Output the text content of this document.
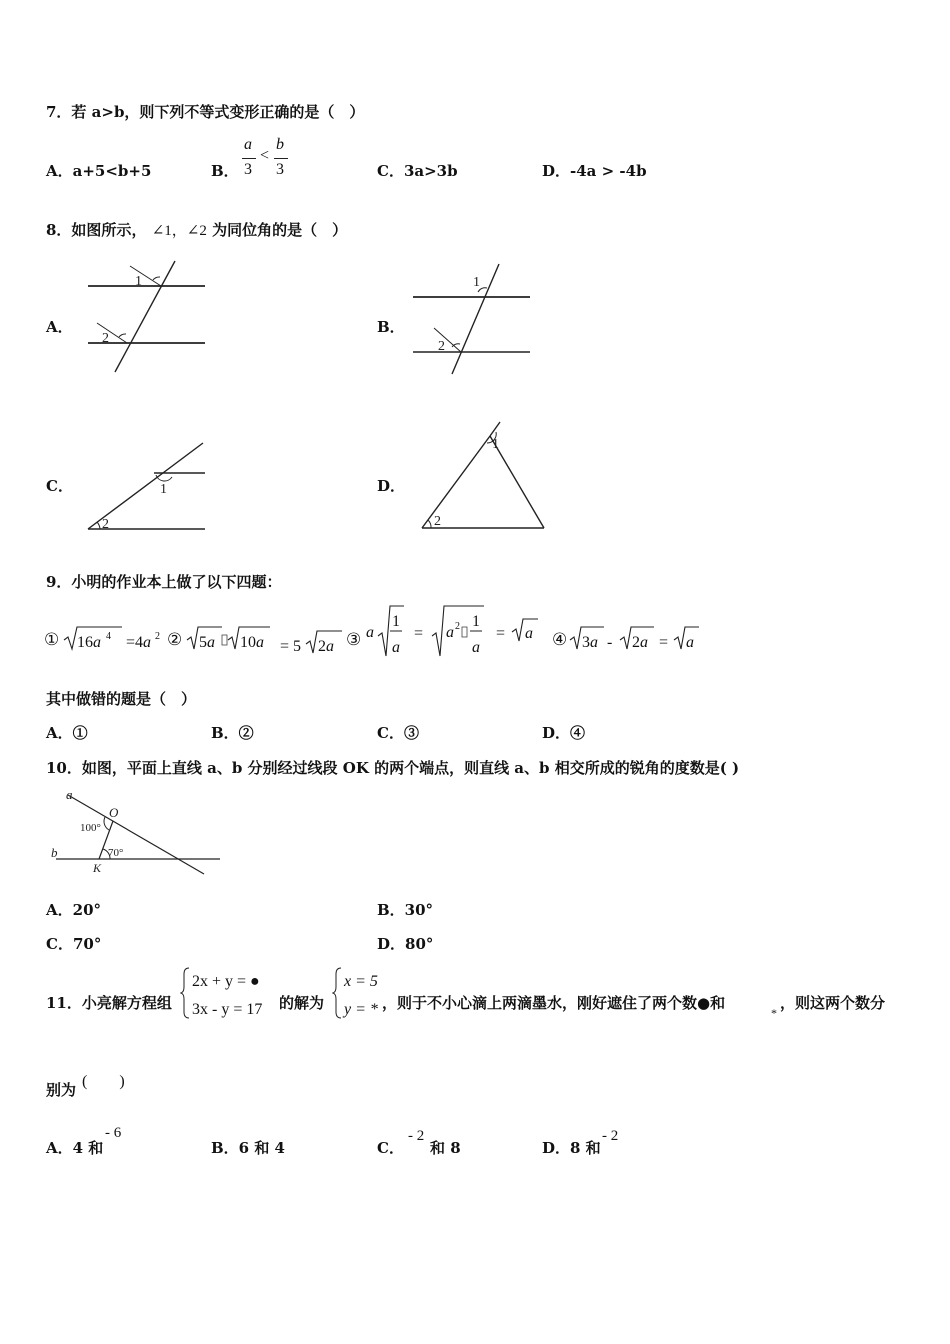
7．若 a>b，则下列不等式变形正确的是（　）
A．a+5<b+5	B．
a
3
<
b
3	C．3a>3b	D．-4a > -4b
8．如图所示， ∠1，∠2 为同位角的是（　）
A．
1
2
B．
1
2
C．	1
2
D．
1
2
9．小明的作业本上做了以下四题：
① 16a 4 =4a 2 ② 5a 10a = 5 2a ③ a
1
a
= a 2 1
a
= a ④ 3a - 2a = a
其中做错的题是（　）
A．①	B．②	C．③	D．④
10．如图，平面上直线 a、b 分别经过线段 OK 的两个端点，则直线 a、b 相交所成的锐角的度数是( )
a
b
O
K
100°
70°
A．20°	B．30°
C．70°	D．80°
11．小亮解方程组
2x + y = ●
3x - y = 17 的解为
x = 5
y = * ，则于不小心滴上两滴墨水，刚好遮住了两个数●和
*
，则这两个数分
别为 (　　)
A．4 和
- 6
B．6 和 4	C．
- 2
和 8	D．8 和
- 2
